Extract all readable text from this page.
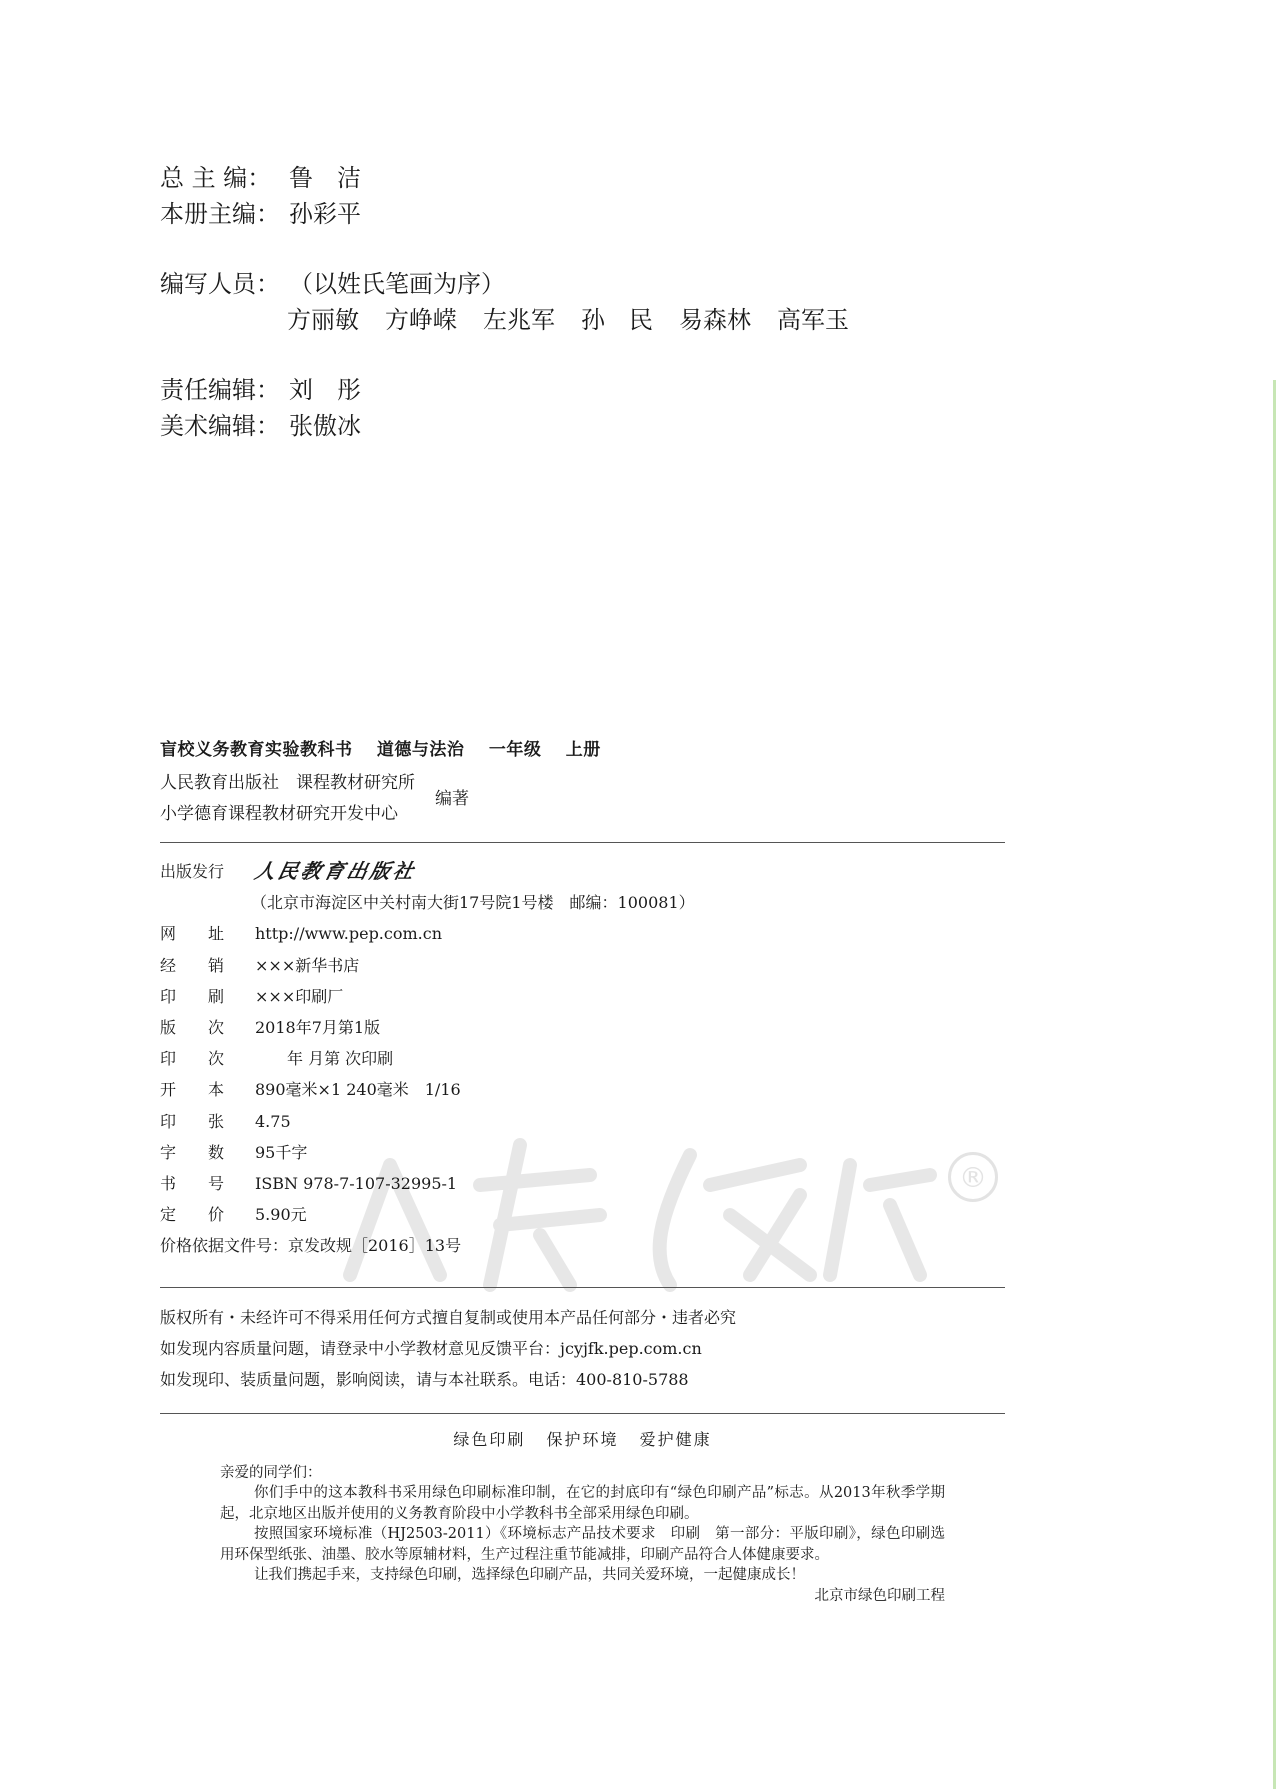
总 主 编： 鲁　洁
本册主编： 孙彩平
编写人员： （以姓氏笔画为序）
方丽敏 方峥嵘 左兆军 孙　民 易森林 高军玉
责任编辑： 刘　彤
美术编辑： 张傲冰
盲校义务教育实验教科书 道德与法治 一年级 上册
人民教育出版社　课程教材研究所
小学德育课程教材研究开发中心
编著
出版发行	人民教育出版社
（北京市海淀区中关村南大街17号院1号楼　邮编：100081）
网　　址	http://www.pep.com.cn
经　　销	×××新华书店
印　　刷	×××印刷厂
版　　次	2018年7月第1版
印　　次	　　年 月第 次印刷
开　　本	890毫米×1 240毫米　1/16
印　　张	4.75
字　　数	95千字
书　　号	ISBN 978-7-107-32995-1
定　　价	5.90元
价格依据文件号：京发改规［2016］13号
®
版权所有・未经许可不得采用任何方式擅自复制或使用本产品任何部分・违者必究
如发现内容质量问题，请登录中小学教材意见反馈平台：jcyjfk.pep.com.cn
如发现印、装质量问题，影响阅读，请与本社联系。电话：400-810-5788
绿色印刷 保护环境 爱护健康
亲爱的同学们：
你们手中的这本教科书采用绿色印刷标准印制，在它的封底印有“绿色印刷产品”标志。从2013年秋季学期起，北京地区出版并使用的义务教育阶段中小学教科书全部采用绿色印刷。
按照国家环境标准（HJ2503-2011）《环境标志产品技术要求　印刷　第一部分：平版印刷》，绿色印刷选用环保型纸张、油墨、胶水等原辅材料，生产过程注重节能减排，印刷产品符合人体健康要求。
让我们携起手来，支持绿色印刷，选择绿色印刷产品，共同关爱环境，一起健康成长！
北京市绿色印刷工程
